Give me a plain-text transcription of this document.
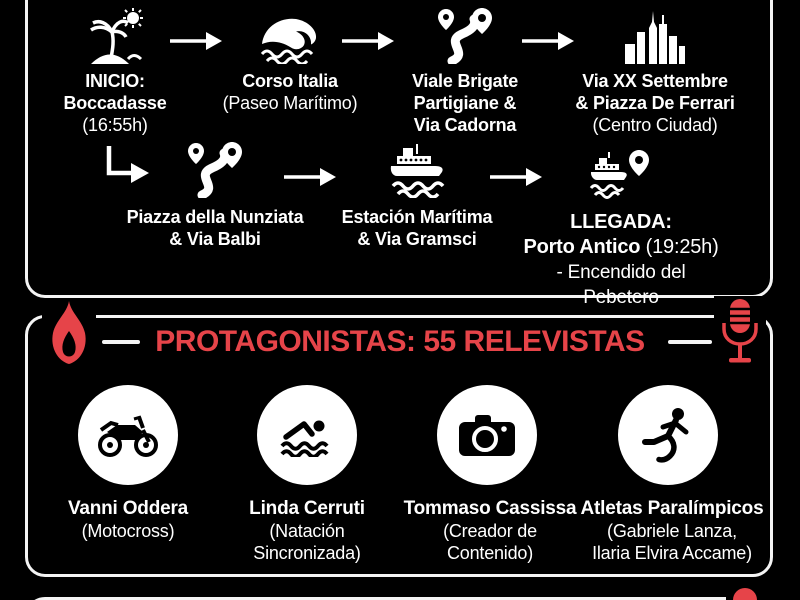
INICIO:
Boccadasse
(16:55h)
Corso Italia
(Paseo Marítimo)
Viale Brigate
Partigiane &
Via Cadorna
Via XX Settembre
& Piazza De Ferrari
(Centro Ciudad)
Piazza della Nunziata
& Via Balbi
Estación Marítima
& Via Gramsci
LLEGADA:
Porto Antico (19:25h)
- Encendido del Pebetero
PROTAGONISTAS: 55 RELEVISTAS
Vanni Oddera
(Motocross)
Linda Cerruti
(Natación
Sincronizada)
Tommaso Cassissa
(Creador de
Contenido)
Atletas Paralímpicos
(Gabriele Lanza,
Ilaria Elvira Accame)
